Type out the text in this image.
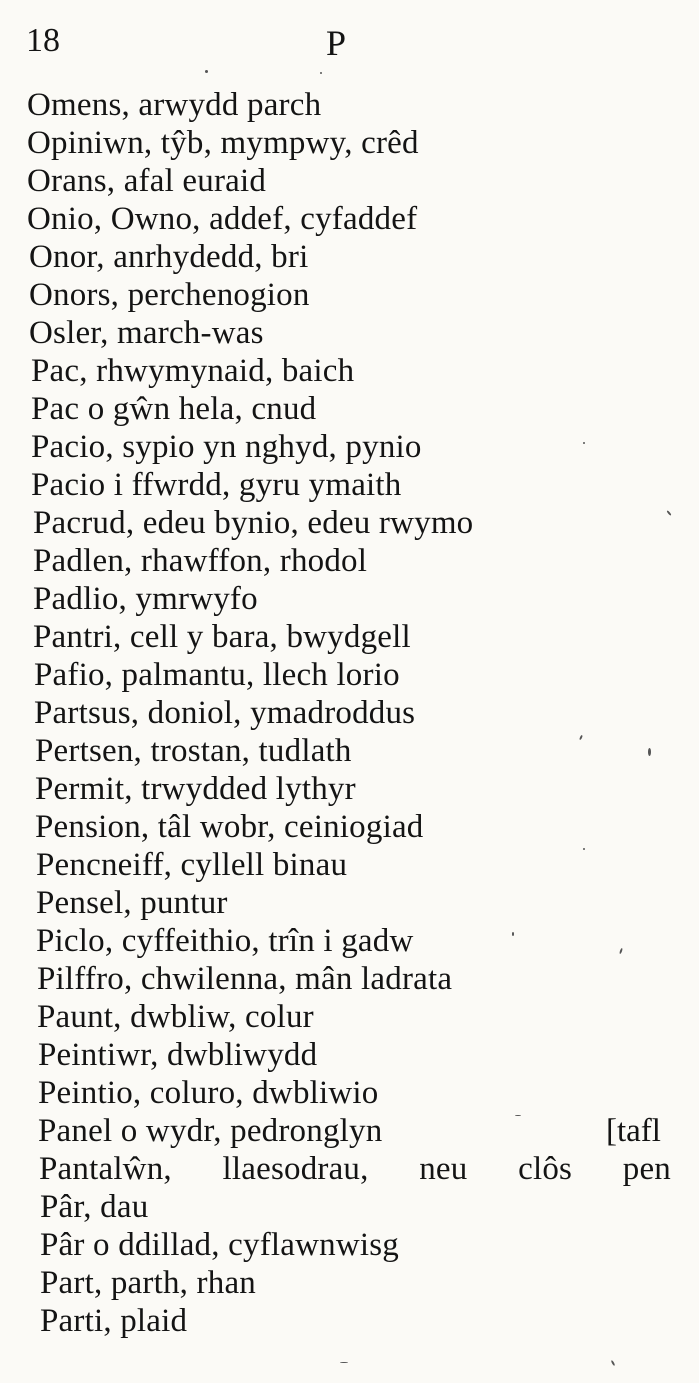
18	P
Omens, arwydd parch
Opiniwn, tŷb, mympwy, crêd
Orans, afal euraid
Onio, Owno, addef, cyfaddef
Onor, anrhydedd, bri
Onors, perchenogion
Osler, march-was
Pac, rhwymynaid, baich
Pac o gŵn hela, cnud
Pacio, sypio yn nghyd, pynio
Pacio i ffwrdd, gyru ymaith
Pacrud, edeu bynio, edeu rwymo
Padlen, rhawffon, rhodol
Padlio, ymrwyfo
Pantri, cell y bara, bwydgell
Pafio, palmantu, llech lorio
Partsus, doniol, ymadroddus
Pertsen, trostan, tudlath
Permit, trwydded lythyr
Pension, tâl wobr, ceiniogiad
Pencneiff, cyllell binau
Pensel, puntur
Piclo, cyffeithio, trîn i gadw
Pilffro, chwilenna, mân ladrata
Paunt, dwbliw, colur
Peintiwr, dwbliwydd
Peintio, coluro, dwbliwio
Panel o wydr, pedronglyn
Pantalŵn, llaesodrau, neu clôs pen
Pâr, dau
Pâr o ddillad, cyflawnwisg
Part, parth, rhan
Parti, plaid
[tafl
